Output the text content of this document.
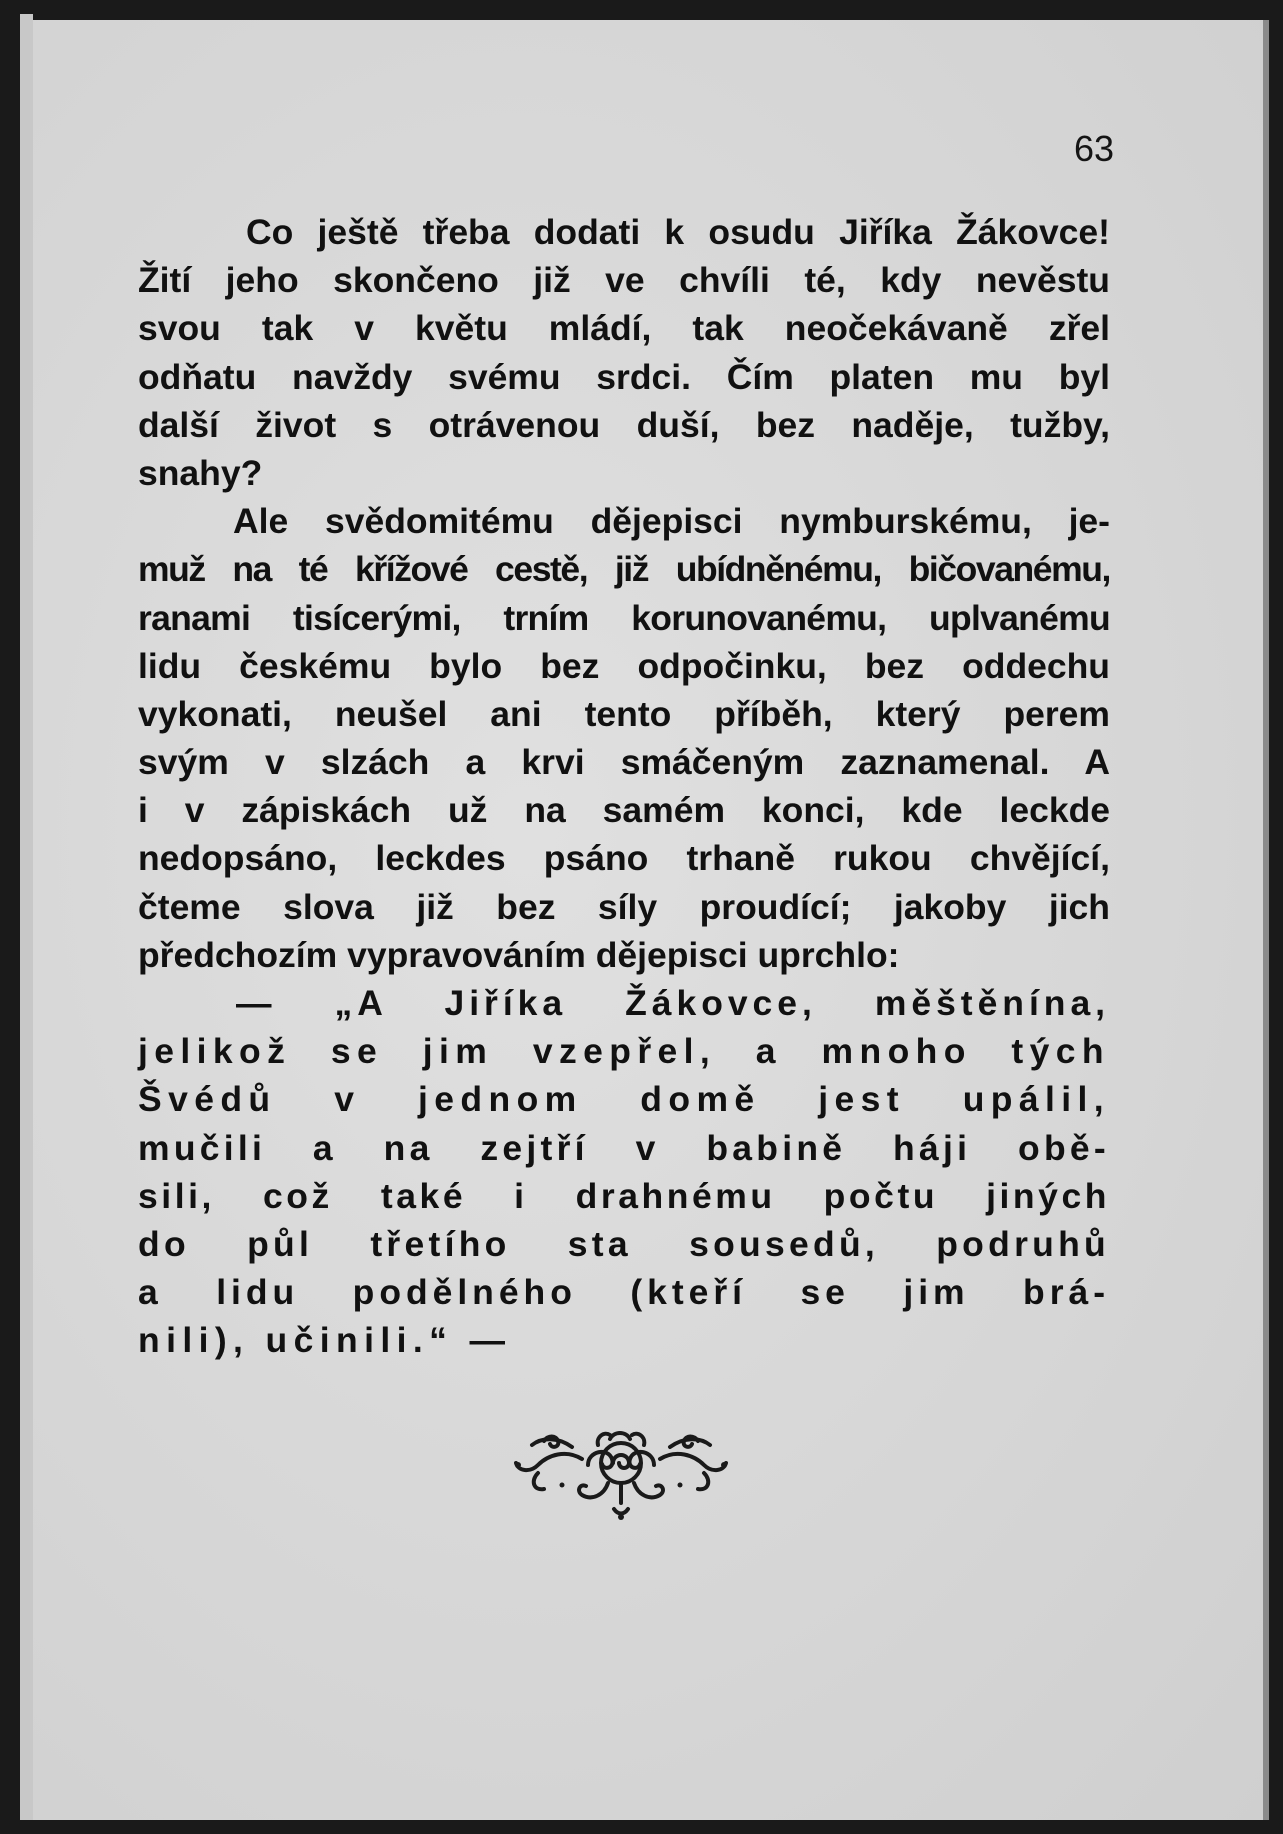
63
Co ještě třeba dodati k osudu Jiříka Žákovce!
Žití jeho skončeno již ve chvíli té, kdy nevěstu
svou tak v květu mládí, tak neočekávaně zřel
odňatu navždy svému srdci. Čím platen mu byl
další život s otrávenou duší, bez naděje, tužby,
snahy?
Ale svědomitému dějepisci nymburskému, je-
muž na té křížové cestě, již ubídněnému, bičovanému,
ranami tisícerými, trním korunovanému, uplvanému
lidu českému bylo bez odpočinku, bez oddechu
vykonati, neušel ani tento příběh, který perem
svým v slzách a krvi smáčeným zaznamenal. A
i v zápiskách už na samém konci, kde leckde
nedopsáno, leckdes psáno trhaně rukou chvějící,
čteme slova již bez síly proudící; jakoby jich
předchozím vypravováním dějepisci uprchlo:
— „A Jiříka Žákovce, měštěnína,
jelikož se jim vzepřel, a mnoho tých
Švédů v jednom domě jest upálil,
mučili a na zejtří v babině háji obě-
sili, což také i drahnému počtu jiných
do půl třetího sta sousedů, podruhů
a lidu podělného (kteří se jim brá-
nili), učinili.“ —
